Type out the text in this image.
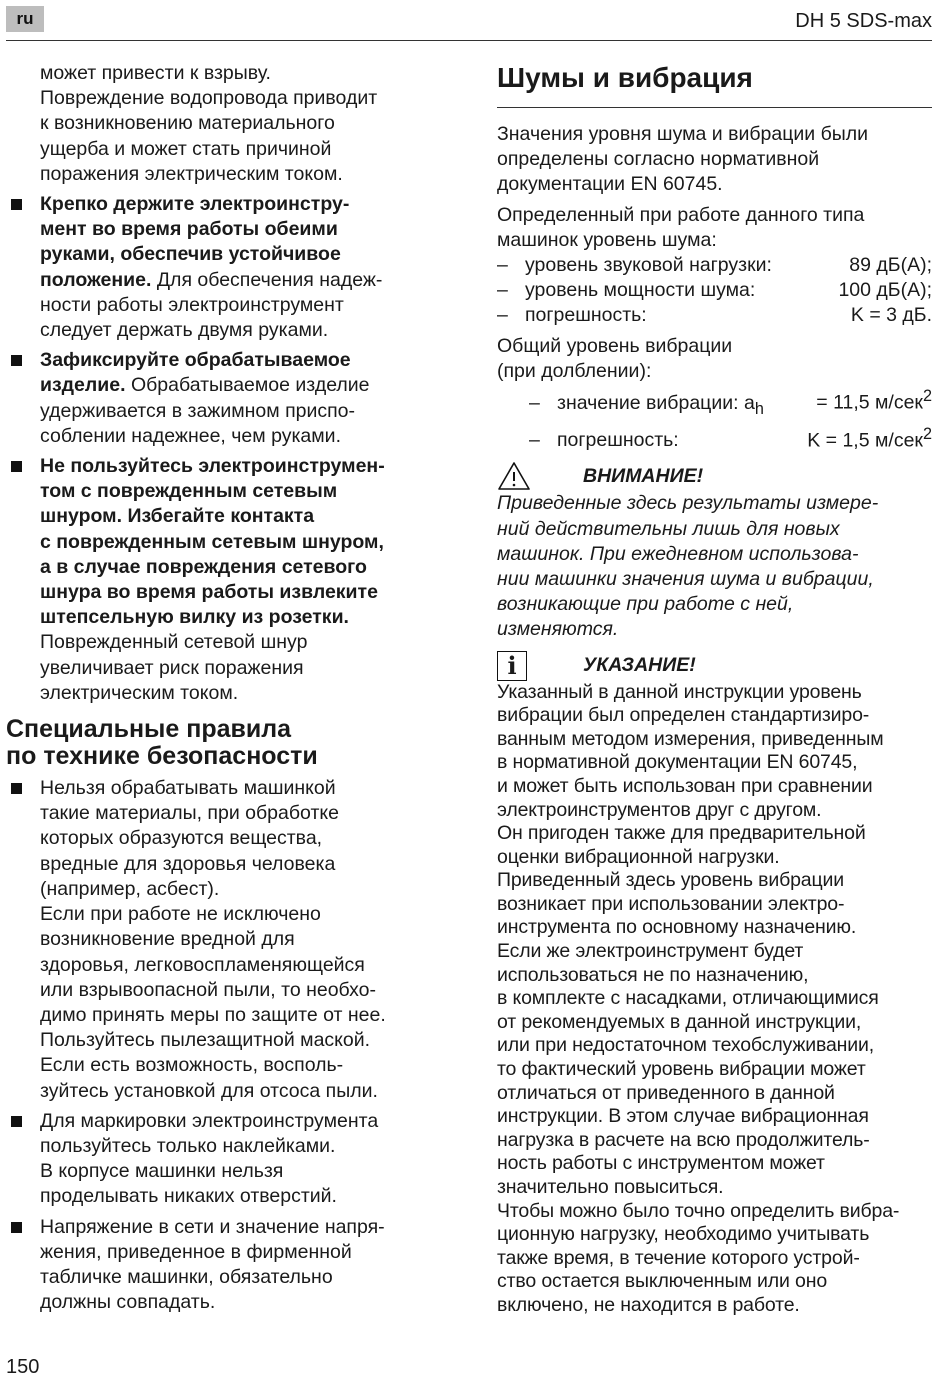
ru	DH 5 SDS-max
может привести к взрыву.
Повреждение водопровода приводит
к возникновению материального
ущерба и может стать причиной
поражения электрическим током.
Крепко держите электроинстру-
мент во время работы обеими
руками, обеспечив устойчивое
положение. Для обеспечения надеж-
ности работы электроинструмент
следует держать двумя руками.
Зафиксируйте обрабатываемое
изделие. Обрабатываемое изделие
удерживается в зажимном приспо-
соблении надежнее, чем руками.
Не пользуйтесь электроинструмен-
том с поврежденным сетевым
шнуром. Избегайте контакта
с поврежденным сетевым шнуром,
а в случае повреждения сетевого
шнура во время работы извлеките
штепсельную вилку из розетки.
Поврежденный сетевой шнур
увеличивает риск поражения
электрическим током.
Специальные правила
по технике безопасности
Нельзя обрабатывать машинкой
такие материалы, при обработке
которых образуются вещества,
вредные для здоровья человека
(например, асбест).
Если при работе не исключено
возникновение вредной для
здоровья, легковоспламеняющейся
или взрывоопасной пыли, то необхо-
димо принять меры по защите от нее.
Пользуйтесь пылезащитной маской.
Если есть возможность, восполь-
зуйтесь установкой для отсоса пыли.
Для маркировки электроинструмента
пользуйтесь только наклейками.
В корпусе машинки нельзя
проделывать никаких отверстий.
Напряжение в сети и значение напря-
жения, приведенное в фирменной
табличке машинки, обязательно
должны совпадать.
Шумы и вибрация
Значения уровня шума и вибрации были
определены согласно нормативной
документации EN 60745.
Определенный при работе данного типа
машинок уровень шума:
– уровень звуковой нагрузки:	89 дБ(A);
– уровень мощности шума:	100 дБ(A);
– погрешность:	K = 3 дБ.
Общий уровень вибрации
(при долблении):
– значение вибрации: $a_h$	= 11,5 м/сек$^2$
– погрешность:	K = 1,5 м/сек$^2$
ВНИМАНИЕ!
Приведенные здесь результаты измере-
ний действительны лишь для новых
машинок. При ежедневном использова-
нии машинки значения шума и вибрации,
возникающие при работе с ней,
изменяются.
i	УКАЗАНИЕ!
Указанный в данной инструкции уровень
вибрации был определен стандартизиро-
ванным методом измерения, приведенным
в нормативной документации EN 60745,
и может быть использован при сравнении
электроинструментов друг с другом.
Он пригоден также для предварительной
оценки вибрационной нагрузки.
Приведенный здесь уровень вибрации
возникает при использовании электро-
инструмента по основному назначению.
Если же электроинструмент будет
использоваться не по назначению,
в комплекте с насадками, отличающимися
от рекомендуемых в данной инструкции,
или при недостаточном техобслуживании,
то фактический уровень вибрации может
отличаться от приведенного в данной
инструкции. В этом случае вибрационная
нагрузка в расчете на всю продолжитель-
ность работы с инструментом может
значительно повыситься.
Чтобы можно было точно определить вибра-
ционную нагрузку, необходимо учитывать
также время, в течение которого устрой-
ство остается выключенным или оно
включено, не находится в работе.
150
